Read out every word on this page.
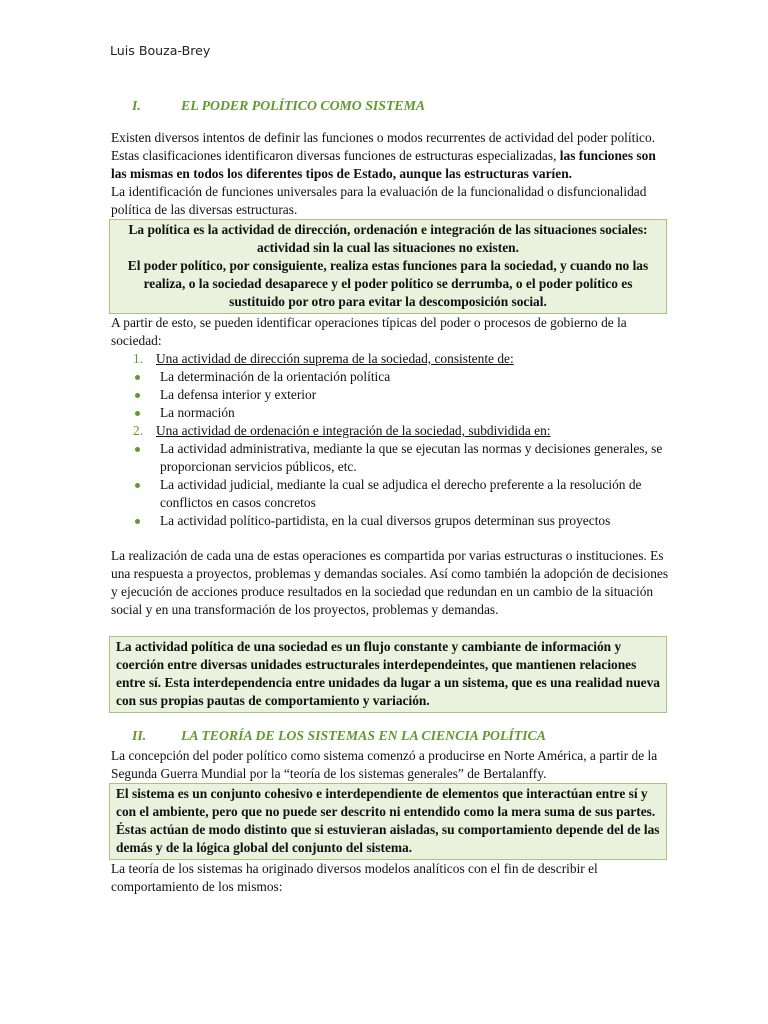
Luis Bouza-Brey
I.	EL PODER POLÍTICO COMO SISTEMA

Existen diversos intentos de definir las funciones o modos recurrentes de actividad del poder político. Estas clasificaciones identificaron diversas funciones de estructuras especializadas, las funciones son las mismas en todos los diferentes tipos de Estado, aunque las estructuras varíen.

La identificación de funciones universales para la evaluación de la funcionalidad o disfuncionalidad política de las diversas estructuras.

La política es la actividad de dirección, ordenación e integración de las situaciones sociales: actividad sin la cual las situaciones no existen.
El poder político, por consiguiente, realiza estas funciones para la sociedad, y cuando no las realiza, o la sociedad desaparece y el poder político se derrumba, o el poder político es sustituido por otro para evitar la descomposición social.

A partir de esto, se pueden identificar operaciones típicas del poder o procesos de gobierno de la sociedad:

1. Una actividad de dirección suprema de la sociedad, consistente de:
La determinación de la orientación política
La defensa interior y exterior
La normación
2. Una actividad de ordenación e integración de la sociedad, subdividida en:
La actividad administrativa, mediante la que se ejecutan las normas y decisiones generales, se proporcionan servicios públicos, etc.
La actividad judicial, mediante la cual se adjudica el derecho preferente a la resolución de conflictos en casos concretos
La actividad político-partidista, en la cual diversos grupos determinan sus proyectos

La realización de cada una de estas operaciones es compartida por varias estructuras o instituciones. Es una respuesta a proyectos, problemas y demandas sociales. Así como también la adopción de decisiones y ejecución de acciones produce resultados en la sociedad que redundan en un cambio de la situación social y en una transformación de los proyectos, problemas y demandas.

La actividad política de una sociedad es un flujo constante y cambiante de información y coerción entre diversas unidades estructurales interdependeintes, que mantienen relaciones entre sí. Esta interdependencia entre unidades da lugar a un sistema, que es una realidad nueva con sus propias pautas de comportamiento y variación.
II.	LA TEORÍA DE LOS SISTEMAS EN LA CIENCIA POLÍTICA

La concepción del poder político como sistema comenzó a producirse en Norte América, a partir de la Segunda Guerra Mundial por la “teoría de los sistemas generales” de Bertalanffy.

El sistema es un conjunto cohesivo e interdependiente de elementos que interactúan entre sí y con el ambiente, pero que no puede ser descrito ni entendido como la mera suma de sus partes. Éstas actúan de modo distinto que si estuvieran aisladas, su comportamiento depende del de las demás y de la lógica global del conjunto del sistema.

La teoría de los sistemas ha originado diversos modelos analíticos con el fin de describir el comportamiento de los mismos:
